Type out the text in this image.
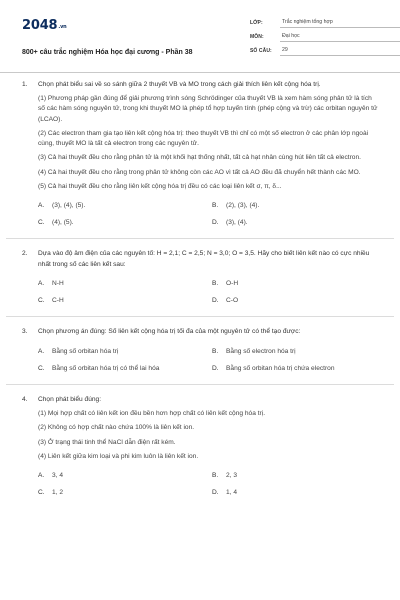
2048.vn
800+ câu trắc nghiệm Hóa học đại cương - Phần 38
LỚP:	Trắc nghiệm tổng hợp
MÔN:	Đại học
SỐ CÂU:	29
1. Chọn phát biểu sai về so sánh giữa 2 thuyết VB và MO trong cách giải thích liên kết cộng hóa trị.
(1) Phương pháp gần đúng để giải phương trình sóng Schrödinger của thuyết VB là xem hàm sóng phân tử là tích số các hàm sóng nguyên tử, trong khi thuyết MO là phép tổ hợp tuyến tính (phép cộng và trừ) các orbitan nguyên tử (LCAO).
(2) Các electron tham gia tạo liên kết cộng hóa trị: theo thuyết VB thì chỉ có một số electron ở các phân lớp ngoài cùng, thuyết MO là tất cả electron trong các nguyên tử.
(3) Cả hai thuyết đều cho rằng phân tử là một khối hạt thống nhất, tất cả hạt nhân cùng hút liên tất cả electron.
(4) Cả hai thuyết đều cho rằng trong phân tử không còn các AO vì tất cả AO đều đã chuyển hết thành các MO.
(5) Cả hai thuyết đều cho rằng liên kết cộng hóa trị đều có các loại liên kết σ, π, δ...
A.	(3), (4), (5).	B.	(2), (3), (4).
C.	(4), (5).	D.	(3), (4).
2. Dựa vào độ âm điện của các nguyên tố: H = 2,1; C = 2,5; N = 3,0; O = 3,5. Hãy cho biết liên kết nào có cực nhiều nhất trong số các liên kết sau:
A.	N-H	B.	O-H
C.	C-H	D.	C-O
3. Chọn phương án đúng: Số liên kết cộng hóa trị tối đa của một nguyên tử có thể tạo được:
A.	Bằng số orbitan hóa trị	B.	Bằng số electron hóa trị
C.	Bằng số orbitan hóa trị có thể lai hóa	D.	Bằng số orbitan hóa trị chứa electron
4. Chọn phát biểu đúng:
(1) Mọi hợp chất có liên kết ion đều bền hơn hợp chất có liên kết cộng hóa trị.
(2) Không có hợp chất nào chứa 100% là liên kết ion.
(3) Ở trạng thái tinh thể NaCl dẫn điện rất kém.
(4) Liên kết giữa kim loại và phi kim luôn là liên kết ion.
A.	3, 4	B.	2, 3
C.	1, 2	D.	1, 4
